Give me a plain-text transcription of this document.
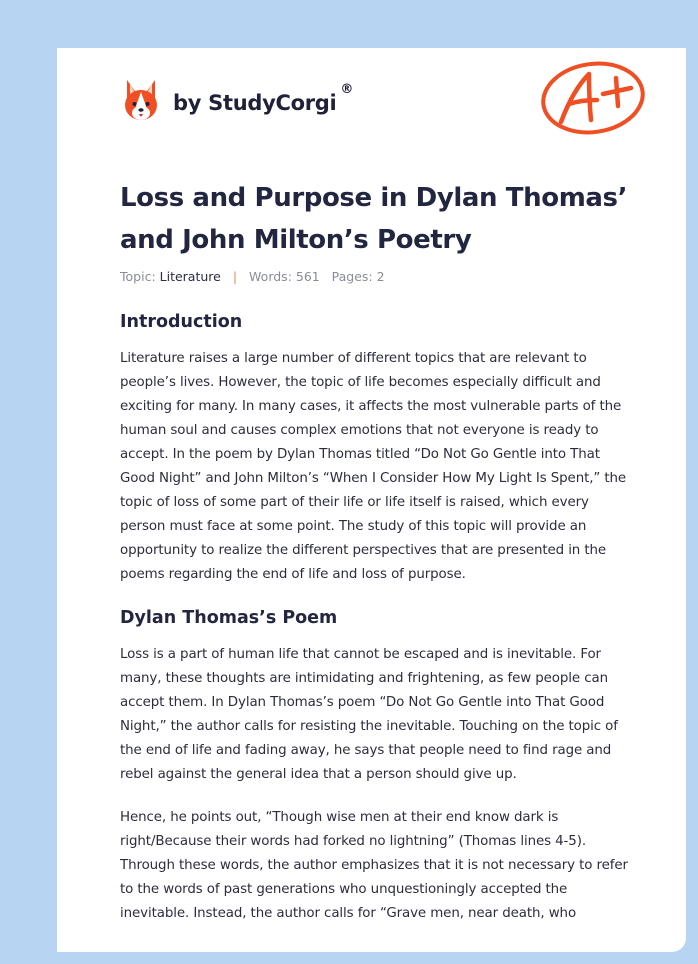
by StudyCorgi
®
Loss and Purpose in Dylan Thomas’ and John Milton’s Poetry
Topic: Literature | Words: 561 Pages: 2
Introduction

Literature raises a large number of different topics that are relevant to people’s lives. However, the topic of life becomes especially difficult and exciting for many. In many cases, it affects the most vulnerable parts of the human soul and causes complex emotions that not everyone is ready to accept. In the poem by Dylan Thomas titled “Do Not Go Gentle into That Good Night” and John Milton’s “When I Consider How My Light Is Spent,” the topic of loss of some part of their life or life itself is raised, which every person must face at some point. The study of this topic will provide an opportunity to realize the different perspectives that are presented in the poems regarding the end of life and loss of purpose.

Dylan Thomas’s Poem

Loss is a part of human life that cannot be escaped and is inevitable. For many, these thoughts are intimidating and frightening, as few people can accept them. In Dylan Thomas’s poem “Do Not Go Gentle into That Good Night,” the author calls for resisting the inevitable. Touching on the topic of the end of life and fading away, he says that people need to find rage and rebel against the general idea that a person should give up.

Hence, he points out, “Though wise men at their end know dark is right/Because their words had forked no lightning” (Thomas lines 4-5). Through these words, the author emphasizes that it is not necessary to refer to the words of past generations who unquestioningly accepted the inevitable. Instead, the author calls for “Grave men, near death, who
